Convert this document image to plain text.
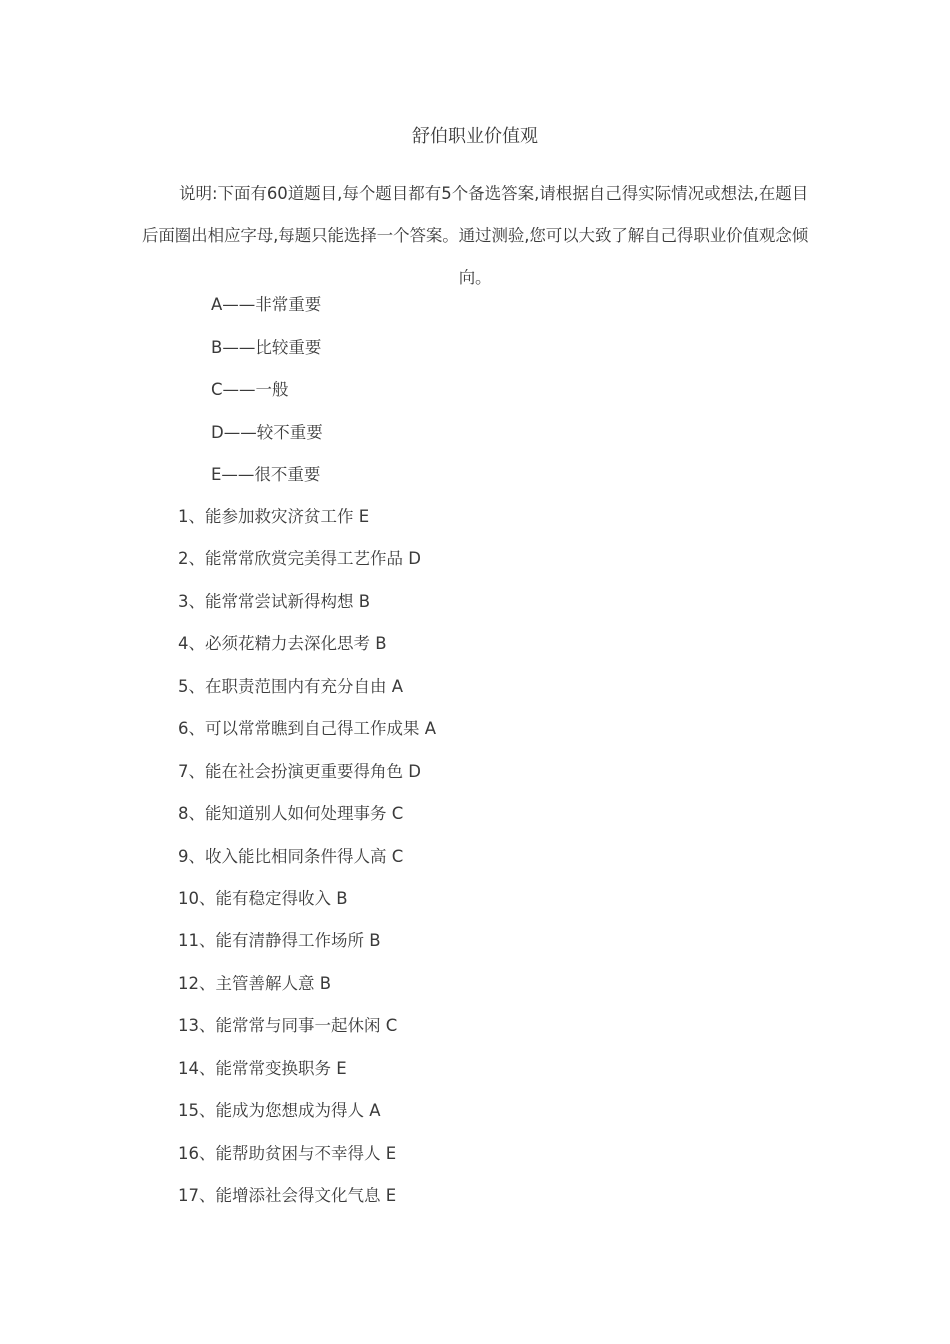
舒伯职业价值观
说明:下面有60道题目,每个题目都有5个备选答案,请根据自己得实际情况或想法,在题目后面圈出相应字母,每题只能选择一个答案。通过测验,您可以大致了解自己得职业价值观念倾向。
A——非常重要
B——比较重要
C——一般
D——较不重要
E——很不重要
1、能参加救灾济贫工作 E
2、能常常欣赏完美得工艺作品 D
3、能常常尝试新得构想 B
4、必须花精力去深化思考 B
5、在职责范围内有充分自由 A
6、可以常常瞧到自己得工作成果 A
7、能在社会扮演更重要得角色 D
8、能知道别人如何处理事务 C
9、收入能比相同条件得人高 C
10、能有稳定得收入 B
11、能有清静得工作场所 B
12、主管善解人意 B
13、能常常与同事一起休闲 C
14、能常常变换职务 E
15、能成为您想成为得人 A
16、能帮助贫困与不幸得人 E
17、能增添社会得文化气息 E
